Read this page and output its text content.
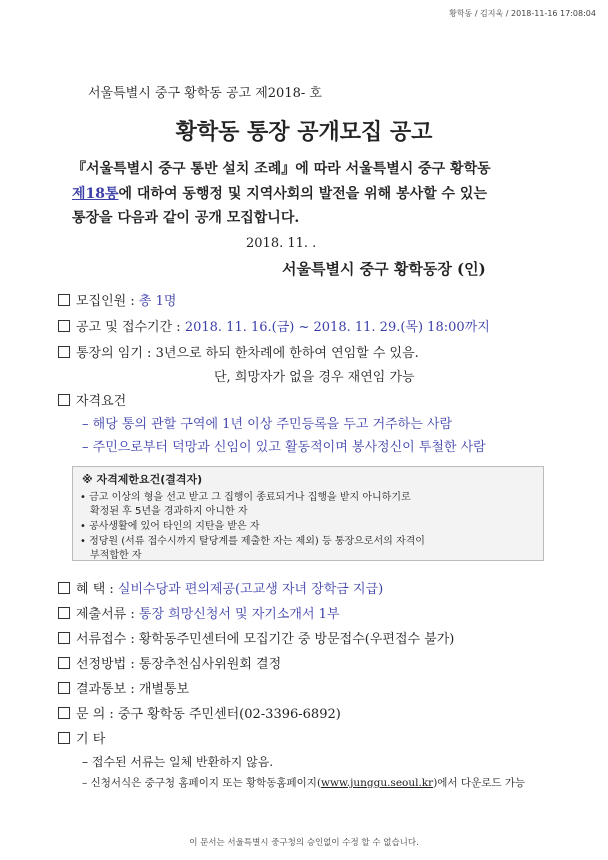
황학동 / 김지욱 / 2018-11-16 17:08:04
서울특별시 중구 황학동 공고 제2018- 호
황학동 통장 공개모집 공고
『서울특별시 중구 통반 설치 조례』에 따라 서울특별시 중구 황학동
제18통에 대하여 동행정 및 지역사회의 발전을 위해 봉사할 수 있는
통장을 다음과 같이 공개 모집합니다.
2018. 11. .
서울특별시 중구 황학동장 (인)
모집인원 : 총 1명
공고 및 접수기간 : 2018. 11. 16.(금) ~ 2018. 11. 29.(목) 18:00까지
통장의 임기 : 3년으로 하되 한차례에 한하여 연임할 수 있음.
단, 희망자가 없을 경우 재연임 가능
자격요건
– 해당 통의 관할 구역에 1년 이상 주민등록을 두고 거주하는 사람
– 주민으로부터 덕망과 신임이 있고 활동적이며 봉사정신이 투철한 사람
※ 자격제한요건(결격자)
• 금고 이상의 형을 선고 받고 그 집행이 종료되거나 집행을 받지 아니하기로
확정된 후 5년을 경과하지 아니한 자
• 공사생활에 있어 타인의 지탄을 받은 자
• 정당원 (서류 접수시까지 탈당계를 제출한 자는 제외) 등 통장으로서의 자격이
부적합한 자
혜 택 : 실비수당과 편의제공(고교생 자녀 장학금 지급)
제출서류 : 통장 희망신청서 및 자기소개서 1부
서류접수 : 황학동주민센터에 모집기간 중 방문접수(우편접수 불가)
선정방법 : 통장추천심사위원회 결정
결과통보 : 개별통보
문 의 : 중구 황학동 주민센터(02-3396-6892)
기 타
– 접수된 서류는 일체 반환하지 않음.
– 신청서식은 중구청 홈페이지 또는 황학동홈페이지(www.junggu.seoul.kr)에서 다운로드 가능
이 문서는 서울특별시 중구청의 승인없이 수정 할 수 없습니다.
